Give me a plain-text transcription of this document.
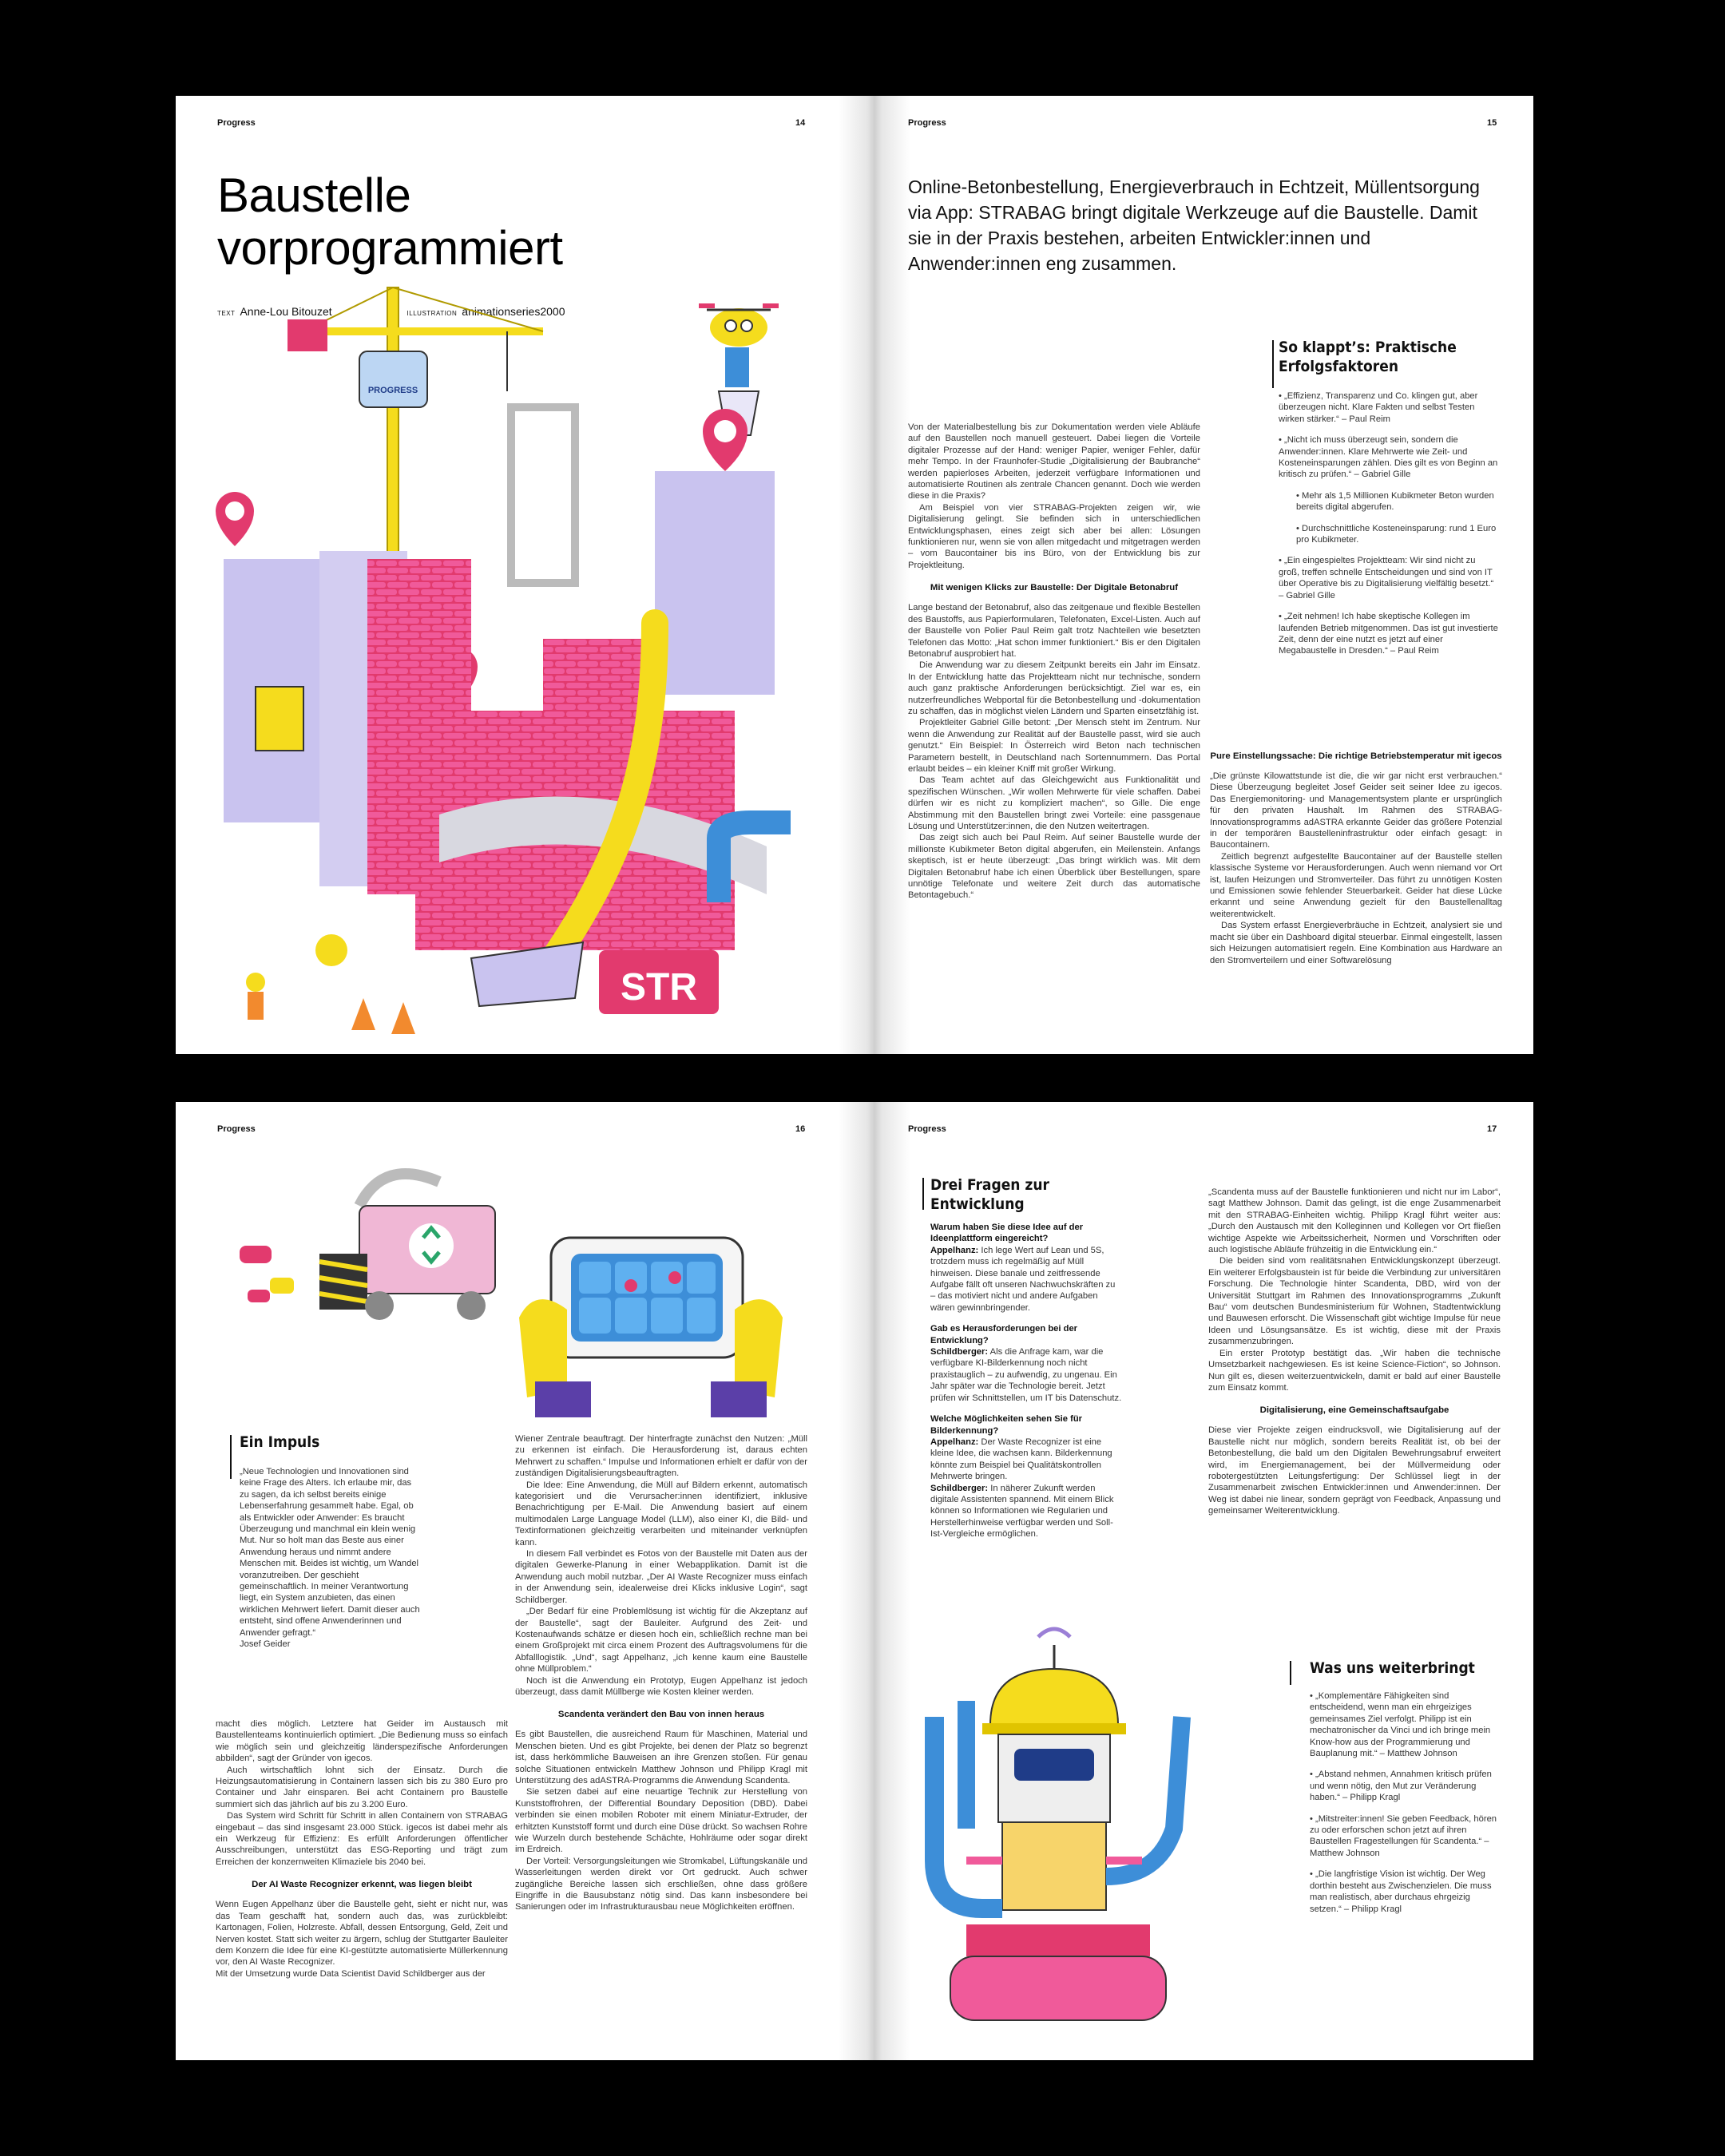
Progress	14
Baustelle
vorprogrammiert
TEXT Anne-Lou Bitouzet	ILLUSTRATION animationseries2000
PROGRESS
STR
Progress	15
Online-Betonbestellung, Energieverbrauch in Echtzeit, Müllentsorgung via App: STRABAG bringt digitale Werkzeuge auf die Baustelle. Damit sie in der Praxis bestehen, arbeiten Entwickler:innen und Anwender:innen eng zusammen.

Von der Materialbestellung bis zur Dokumentation werden viele Abläufe auf den Baustellen noch manuell gesteuert. Dabei liegen die Vorteile digitaler Prozesse auf der Hand: weniger Papier, weniger Fehler, dafür mehr Tempo. In der Fraunhofer-Studie „Digitalisierung der Baubranche“ werden papierloses Arbeiten, jederzeit verfügbare Informationen und automatisierte Routinen als zentrale Chancen genannt. Doch wie werden diese in die Praxis?

Am Beispiel von vier STRABAG-Projekten zeigen wir, wie Digitalisierung gelingt. Sie befinden sich in unterschiedlichen Entwicklungsphasen, eines zeigt sich aber bei allen: Lösungen funktionieren nur, wenn sie von allen mitgedacht und mitgetragen werden – vom Baucontainer bis ins Büro, von der Entwicklung bis zur Projektleitung.

Mit wenigen Klicks zur Baustelle: Der Digitale Betonabruf

Lange bestand der Betonabruf, also das zeitgenaue und flexible Bestellen des Baustoffs, aus Papierformularen, Telefonaten, Excel-Listen. Auch auf der Baustelle von Polier Paul Reim galt trotz Nachteilen wie besetzten Telefonen das Motto: „Hat schon immer funktioniert.“ Bis er den Digitalen Betonabruf ausprobiert hat.

Die Anwendung war zu diesem Zeitpunkt bereits ein Jahr im Einsatz. In der Entwicklung hatte das Projektteam nicht nur technische, sondern auch ganz praktische Anforderungen berücksichtigt. Ziel war es, ein nutzerfreundliches Webportal für die Betonbestellung und -dokumentation zu schaffen, das in möglichst vielen Ländern und Sparten einsetzfähig ist.

Projektleiter Gabriel Gille betont: „Der Mensch steht im Zentrum. Nur wenn die Anwendung zur Realität auf der Baustelle passt, wird sie auch genutzt.“ Ein Beispiel: In Österreich wird Beton nach technischen Parametern bestellt, in Deutschland nach Sortennummern. Das Portal erlaubt beides – ein kleiner Kniff mit großer Wirkung.

Das Team achtet auf das Gleichgewicht aus Funktionalität und spezifischen Wünschen. „Wir wollen Mehrwerte für viele schaffen. Dabei dürfen wir es nicht zu kompliziert machen“, so Gille. Die enge Abstimmung mit den Baustellen bringt zwei Vorteile: eine passgenaue Lösung und Unterstützer:innen, die den Nutzen weitertragen.

Das zeigt sich auch bei Paul Reim. Auf seiner Baustelle wurde der millionste Kubikmeter Beton digital abgerufen, ein Meilenstein. Anfangs skeptisch, ist er heute überzeugt: „Das bringt wirklich was. Mit dem Digitalen Betonabruf habe ich einen Überblick über Bestellungen, spare unnötige Telefonate und weitere Zeit durch das automatische Betontagebuch.“

So klappt’s: Praktische
Erfolgsfaktoren
• „Effizienz, Transparenz und Co. klingen gut, aber überzeugen nicht. Klare Fakten und selbst Testen wirken stärker.“ – Paul Reim
• „Nicht ich muss überzeugt sein, sondern die Anwender:innen. Klare Mehrwerte wie Zeit- und Kosteneinsparungen zählen. Dies gilt es von Beginn an kritisch zu prüfen.“ – Gabriel Gille
• Mehr als 1,5 Millionen Kubikmeter Beton wurden bereits digital abgerufen.
• Durchschnittliche Kosteneinsparung: rund 1 Euro pro Kubikmeter.
• „Ein eingespieltes Projektteam: Wir sind nicht zu groß, treffen schnelle Entscheidungen und sind von IT über Operative bis zu Digitalisierung vielfältig besetzt.“ – Gabriel Gille
• „Zeit nehmen! Ich habe skeptische Kollegen im laufenden Betrieb mitgenommen. Das ist gut investierte Zeit, denn der eine nutzt es jetzt auf einer Megabaustelle in Dresden.“ – Paul Reim
Pure Einstellungssache: Die richtige Betriebstemperatur mit igecos

„Die grünste Kilowattstunde ist die, die wir gar nicht erst verbrauchen.“ Diese Überzeugung begleitet Josef Geider seit seiner Idee zu igecos. Das Energiemonitoring- und Managementsystem plante er ursprünglich für den privaten Haushalt. Im Rahmen des STRABAG-Innovationsprogramms adASTRA erkannte Geider das größere Potenzial in der temporären Baustelleninfrastruktur oder einfach gesagt: in Baucontainern.

Zeitlich begrenzt aufgestellte Baucontainer auf der Baustelle stellen klassische Systeme vor Herausforderungen. Auch wenn niemand vor Ort ist, laufen Heizungen und Stromverteiler. Das führt zu unnötigen Kosten und Emissionen sowie fehlender Steuerbarkeit. Geider hat diese Lücke erkannt und seine Anwendung gezielt für den Baustellenalltag weiterentwickelt.

Das System erfasst Energieverbräuche in Echtzeit, analysiert sie und macht sie über ein Dashboard digital steuerbar. Einmal eingestellt, lassen sich Heizungen automatisiert regeln. Eine Kombination aus Hardware an den Stromverteilern und einer Softwarelösung

Progress	16
Ein Impuls
„Neue Technologien und Innovationen sind keine Frage des Alters. Ich erlaube mir, das zu sagen, da ich selbst bereits einige Lebenserfahrung gesammelt habe. Egal, ob als Entwickler oder Anwender: Es braucht Überzeugung und manchmal ein klein wenig Mut. Nur so holt man das Beste aus einer Anwendung heraus und nimmt andere Menschen mit. Beides ist wichtig, um Wandel voranzutreiben. Der geschieht gemeinschaftlich. In meiner Verantwortung liegt, ein System anzubieten, das einen wirklichen Mehrwert liefert. Damit dieser auch entsteht, sind offene Anwenderinnen und Anwender gefragt.“
Josef Geider

macht dies möglich. Letztere hat Geider im Austausch mit Baustellenteams kontinuierlich optimiert. „Die Bedienung muss so einfach wie möglich sein und gleichzeitig länderspezifische Anforderungen abbilden“, sagt der Gründer von igecos.

Auch wirtschaftlich lohnt sich der Einsatz. Durch die Heizungsautomatisierung in Containern lassen sich bis zu 380 Euro pro Container und Jahr einsparen. Bei acht Containern pro Baustelle summiert sich das jährlich auf bis zu 3.200 Euro.

Das System wird Schritt für Schritt in allen Containern von STRABAG eingebaut – das sind insgesamt 23.000 Stück. igecos ist dabei mehr als ein Werkzeug für Effizienz: Es erfüllt Anforderungen öffentlicher Ausschreibungen, unterstützt das ESG-Reporting und trägt zum Erreichen der konzernweiten Klimaziele bis 2040 bei.

Der AI Waste Recognizer erkennt, was liegen bleibt

Wenn Eugen Appelhanz über die Baustelle geht, sieht er nicht nur, was das Team geschafft hat, sondern auch das, was zurückbleibt: Kartonagen, Folien, Holzreste. Abfall, dessen Entsorgung, Geld, Zeit und Nerven kostet. Statt sich weiter zu ärgern, schlug der Stuttgarter Bauleiter dem Konzern die Idee für eine KI-gestützte automatisierte Müllerkennung vor, den AI Waste Recognizer.

Mit der Umsetzung wurde Data Scientist David Schildberger aus der

Wiener Zentrale beauftragt. Der hinterfragte zunächst den Nutzen: „Müll zu erkennen ist einfach. Die Herausforderung ist, daraus echten Mehrwert zu schaffen.“ Impulse und Informationen erhielt er dafür von der zuständigen Digitalisierungsbeauftragten.

Die Idee: Eine Anwendung, die Müll auf Bildern erkennt, automatisch kategorisiert und die Verursacher:innen identifiziert, inklusive Benachrichtigung per E-Mail. Die Anwendung basiert auf einem multimodalen Large Language Model (LLM), also einer KI, die Bild- und Textinformationen gleichzeitig verarbeiten und miteinander verknüpfen kann.

In diesem Fall verbindet es Fotos von der Baustelle mit Daten aus der digitalen Gewerke-Planung in einer Webapplikation. Damit ist die Anwendung auch mobil nutzbar. „Der AI Waste Recognizer muss einfach in der Anwendung sein, idealerweise drei Klicks inklusive Login“, sagt Schildberger.

„Der Bedarf für eine Problemlösung ist wichtig für die Akzeptanz auf der Baustelle“, sagt der Bauleiter. Aufgrund des Zeit- und Kostenaufwands schätze er diesen hoch ein, schließlich rechne man bei einem Großprojekt mit circa einem Prozent des Auftragsvolumens für die Abfalllogistik. „Und“, sagt Appelhanz, „ich kenne kaum eine Baustelle ohne Müllproblem.“

Noch ist die Anwendung ein Prototyp, Eugen Appelhanz ist jedoch überzeugt, dass damit Müllberge wie Kosten kleiner werden.

Scandenta verändert den Bau von innen heraus

Es gibt Baustellen, die ausreichend Raum für Maschinen, Material und Menschen bieten. Und es gibt Projekte, bei denen der Platz so begrenzt ist, dass herkömmliche Bauweisen an ihre Grenzen stoßen. Für genau solche Situationen entwickeln Matthew Johnson und Philipp Kragl mit Unterstützung des adASTRA-Programms die Anwendung Scandenta.

Sie setzen dabei auf eine neuartige Technik zur Herstellung von Kunststoffrohren, der Differential Boundary Deposition (DBD). Dabei verbinden sie einen mobilen Roboter mit einem Miniatur-Extruder, der erhitzten Kunststoff formt und durch eine Düse drückt. So wachsen Rohre wie Wurzeln durch bestehende Schächte, Hohlräume oder sogar direkt im Erdreich.

Der Vorteil: Versorgungsleitungen wie Stromkabel, Lüftungskanäle und Wasserleitungen werden direkt vor Ort gedruckt. Auch schwer zugängliche Bereiche lassen sich erschließen, ohne dass größere Eingriffe in die Bausubstanz nötig sind. Das kann insbesondere bei Sanierungen oder im Infrastrukturausbau neue Möglichkeiten eröffnen.

Progress	17
Drei Fragen zur Entwicklung
Warum haben Sie diese Idee auf der Ideenplattform eingereicht?
Appelhanz: Ich lege Wert auf Lean und 5S, trotzdem muss ich regelmäßig auf Müll hinweisen. Diese banale und zeitfressende Aufgabe fällt oft unseren Nachwuchskräften zu – das motiviert nicht und andere Aufgaben wären gewinnbringender.
Gab es Herausforderungen bei der Entwicklung?
Schildberger: Als die Anfrage kam, war die verfügbare KI-Bilderkennung noch nicht praxistauglich – zu aufwendig, zu ungenau. Ein Jahr später war die Technologie bereit. Jetzt prüfen wir Schnittstellen, um IT bis Datenschutz.
Welche Möglichkeiten sehen Sie für Bilderkennung?
Appelhanz: Der Waste Recognizer ist eine kleine Idee, die wachsen kann. Bilderkennung könnte zum Beispiel bei Qualitätskontrollen Mehrwerte bringen.
Schildberger: In näherer Zukunft werden digitale Assistenten spannend. Mit einem Blick können so Informationen wie Regularien und Herstellerhinweise verfügbar werden und Soll-Ist-Vergleiche ermöglichen.

„Scandenta muss auf der Baustelle funktionieren und nicht nur im Labor“, sagt Matthew Johnson. Damit das gelingt, ist die enge Zusammenarbeit mit den STRABAG-Einheiten wichtig. Philipp Kragl führt weiter aus: „Durch den Austausch mit den Kolleginnen und Kollegen vor Ort fließen wichtige Aspekte wie Arbeitssicherheit, Normen und Vorschriften oder auch logistische Abläufe frühzeitig in die Entwicklung ein.“

Die beiden sind vom realitätsnahen Entwicklungskonzept überzeugt. Ein weiterer Erfolgsbaustein ist für beide die Verbindung zur universitären Forschung. Die Technologie hinter Scandenta, DBD, wird von der Universität Stuttgart im Rahmen des Innovationsprogramms „Zukunft Bau“ vom deutschen Bundesministerium für Wohnen, Stadtentwicklung und Bauwesen erforscht. Die Wissenschaft gibt wichtige Impulse für neue Ideen und Lösungsansätze. Es ist wichtig, diese mit der Praxis zusammenzubringen.

Ein erster Prototyp bestätigt das. „Wir haben die technische Umsetzbarkeit nachgewiesen. Es ist keine Science-Fiction“, so Johnson. Nun gilt es, diesen weiterzuentwickeln, damit er bald auf einer Baustelle zum Einsatz kommt.

Digitalisierung, eine Gemeinschaftsaufgabe

Diese vier Projekte zeigen eindrucksvoll, wie Digitalisierung auf der Baustelle nicht nur möglich, sondern bereits Realität ist, ob bei der Betonbestellung, die bald um den Digitalen Bewehrungsabruf erweitert wird, im Energiemanagement, bei der Müllvermeidung oder robotergestützten Leitungsfertigung: Der Schlüssel liegt in der Zusammenarbeit zwischen Entwickler:innen und Anwender:innen. Der Weg ist dabei nie linear, sondern geprägt von Feedback, Anpassung und gemeinsamer Weiterentwicklung.

Was uns weiterbringt
• „Komplementäre Fähigkeiten sind entscheidend, wenn man ein ehrgeiziges gemeinsames Ziel verfolgt. Philipp ist ein mechatronischer da Vinci und ich bringe mein Know-how aus der Programmierung und Bauplanung mit.“ – Matthew Johnson
• „Abstand nehmen, Annahmen kritisch prüfen und wenn nötig, den Mut zur Veränderung haben.“ – Philipp Kragl
• „Mitstreiter:innen! Sie geben Feedback, hören zu oder erforschen schon jetzt auf ihren Baustellen Fragestellungen für Scandenta.“ – Matthew Johnson
• „Die langfristige Vision ist wichtig. Der Weg dorthin besteht aus Zwischenzielen. Die muss man realistisch, aber durchaus ehrgeizig setzen.“ – Philipp Kragl
